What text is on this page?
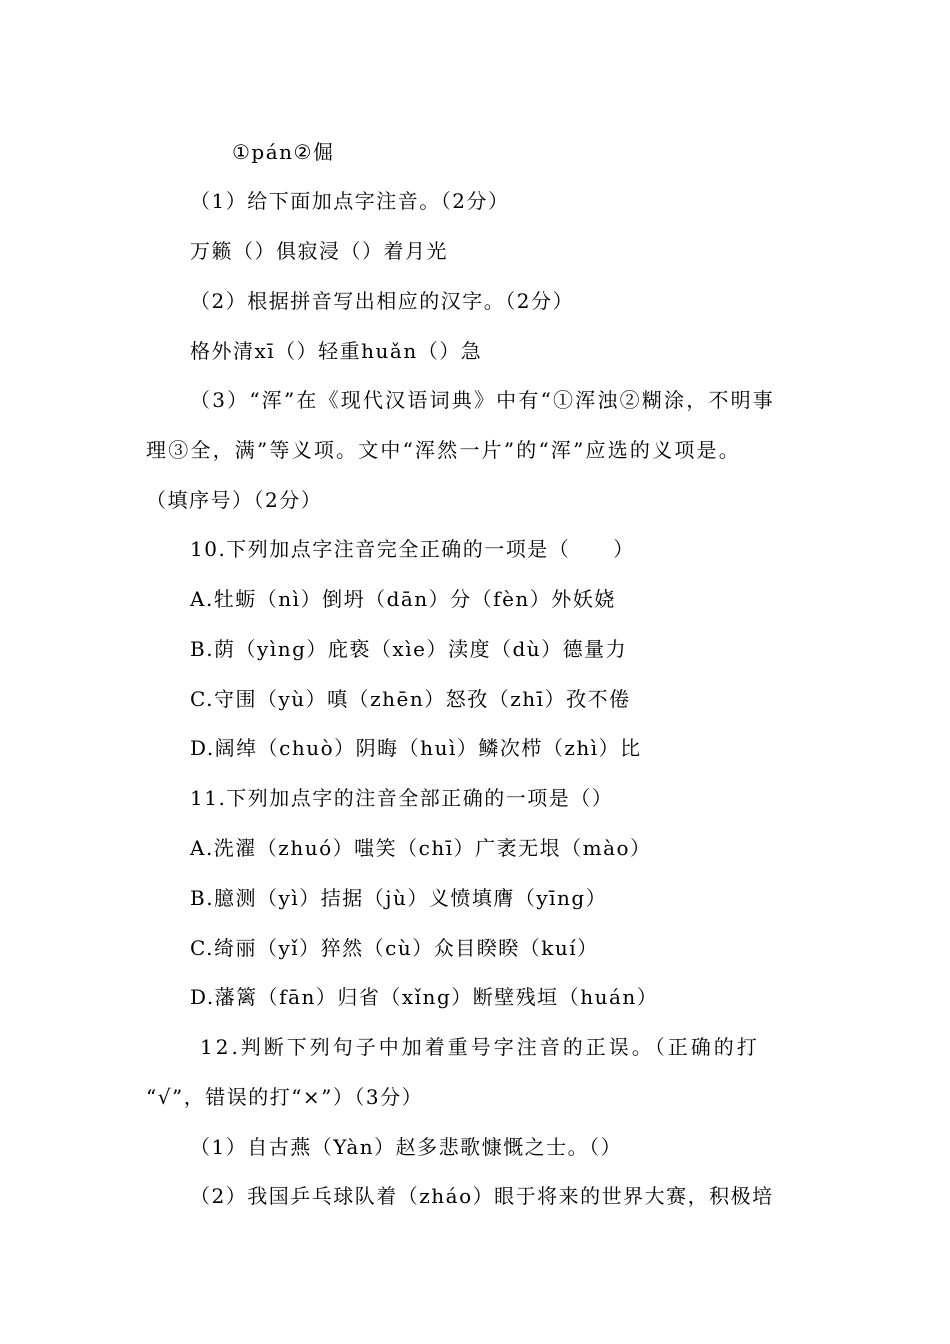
①pán②倔
（1）给下面加点字注音。（2分）
万籁（）俱寂浸（）着月光
（2）根据拼音写出相应的汉字。（2分）
格外清xī（）轻重huǎn（）急
（3）“浑”在《现代汉语词典》中有“①浑浊②糊涂，不明事
理③全，满”等义项。文中“浑然一片”的“浑”应选的义项是。
（填序号）（2分）
10.下列加点字注音完全正确的一项是（　　）
A.牡蛎（nì）倒坍（dān）分（fèn）外妖娆
B.荫（yìng）庇亵（xìe）渎度（dù）德量力
C.守围（yù）嗔（zhēn）怒孜（zhī）孜不倦
D.阔绰（chuò）阴晦（huì）鳞次栉（zhì）比
11.下列加点字的注音全部正确的一项是（）
A.洗濯（zhuó）嗤笑（chī）广袤无垠（mào）
B.臆测（yì）拮据（jù）义愤填膺（yīng）
C.绮丽（yǐ）猝然（cù）众目睽睽（kuí）
D.藩篱（fān）归省（xǐng）断壁残垣（huán）
12.判断下列句子中加着重号字注音的正误。（正确的打
“√”，错误的打“×”）（3分）
（1）自古燕（Yàn）赵多悲歌慷慨之士。（）
（2）我国乒乓球队着（zháo）眼于将来的世界大赛，积极培
